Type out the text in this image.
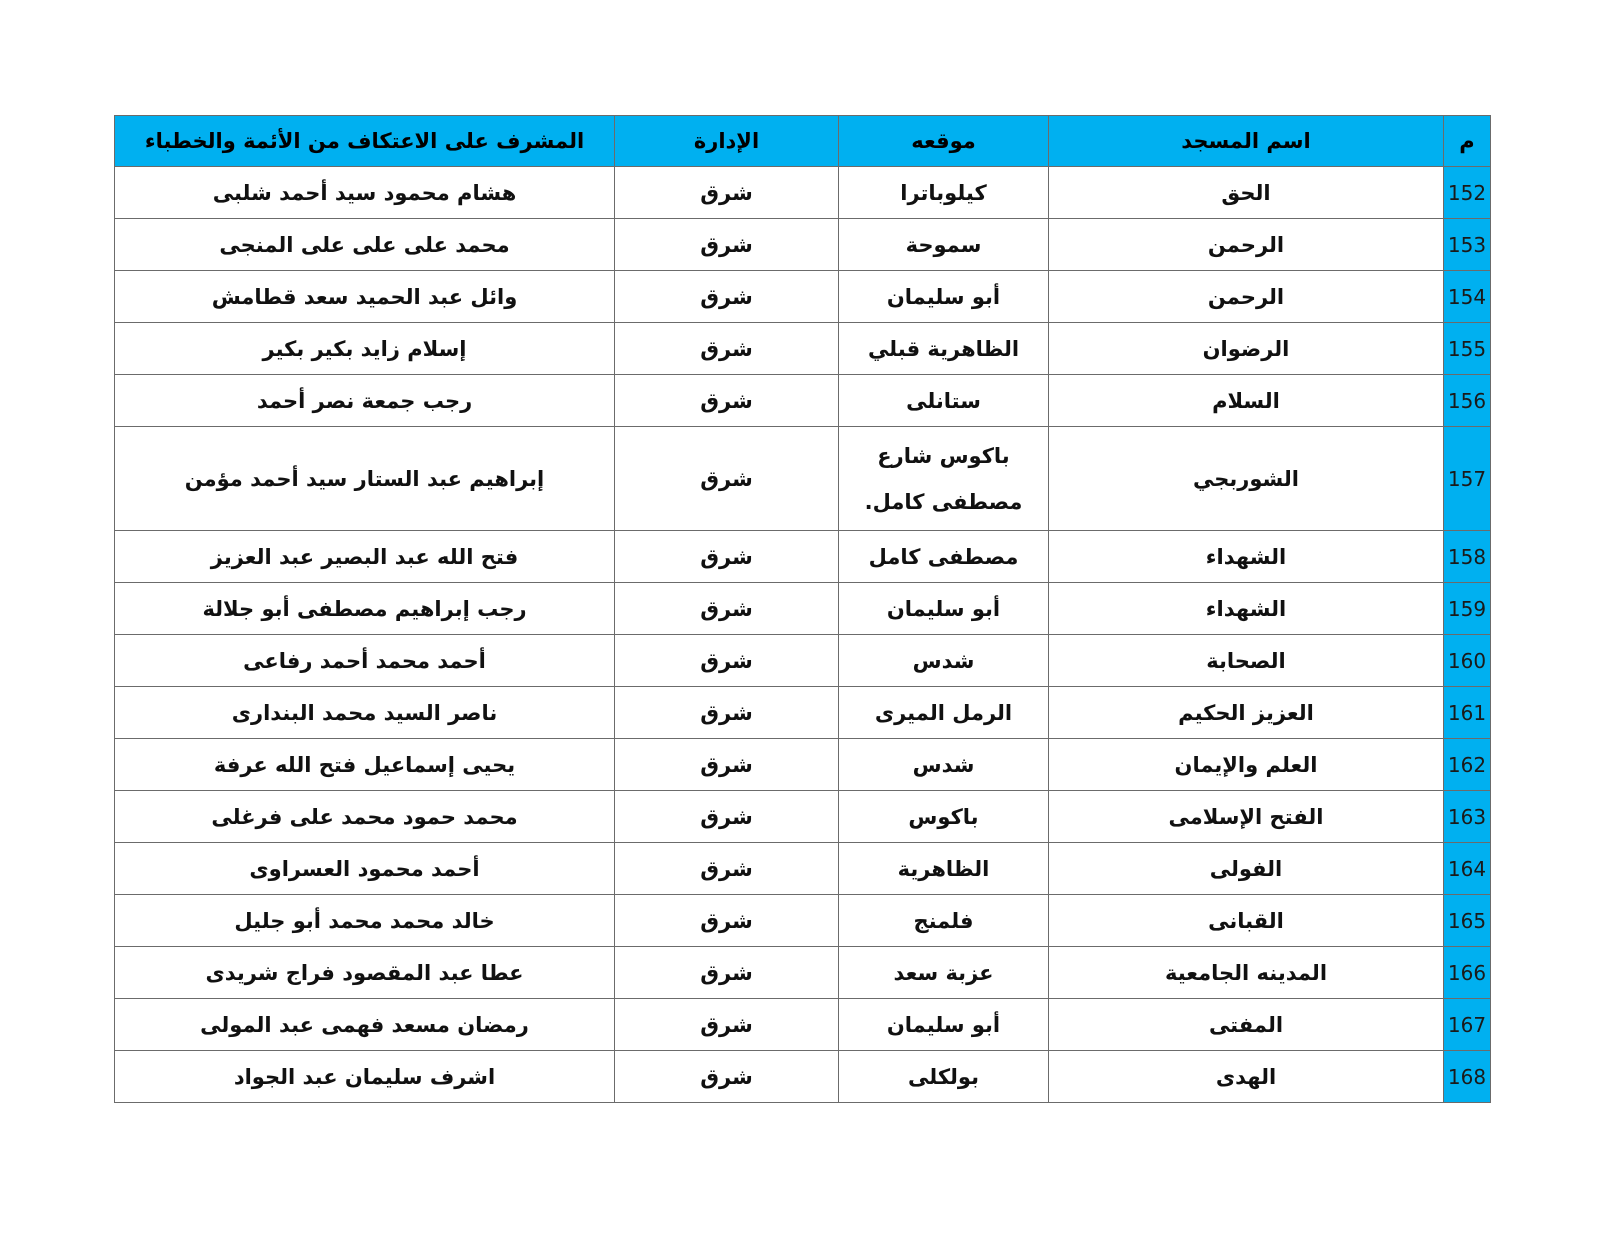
م	اسم المسجد	موقعه	الإدارة	المشرف على الاعتكاف من الأئمة والخطباء
152	الحق	كيلوباترا	شرق	هشام محمود سيد أحمد شلبى
153	الرحمن	سموحة	شرق	محمد على على على المنجى
154	الرحمن	أبو سليمان	شرق	وائل عبد الحميد سعد قطامش
155	الرضوان	الظاهرية قبلي	شرق	إسلام زايد بكير بكير
156	السلام	ستانلى	شرق	رجب جمعة نصر أحمد
157	الشوربجي	باكوس شارع مصطفى كامل.	شرق	إبراهيم عبد الستار سيد أحمد مؤمن
158	الشهداء	مصطفى كامل	شرق	فتح الله عبد البصير عبد العزيز
159	الشهداء	أبو سليمان	شرق	رجب إبراهيم مصطفى أبو جلالة
160	الصحابة	شدس	شرق	أحمد محمد أحمد رفاعى
161	العزيز الحكيم	الرمل الميرى	شرق	ناصر السيد محمد البندارى
162	العلم والإيمان	شدس	شرق	يحيى إسماعيل فتح الله عرفة
163	الفتح الإسلامى	باكوس	شرق	محمد حمود محمد على فرغلى
164	الفولى	الظاهرية	شرق	أحمد محمود العسراوى
165	القبانى	فلمنج	شرق	خالد محمد محمد أبو جليل
166	المدينه الجامعية	عزبة سعد	شرق	عطا عبد المقصود فراج شريدى
167	المفتى	أبو سليمان	شرق	رمضان مسعد فهمى عبد المولى
168	الهدى	بولكلى	شرق	اشرف سليمان عبد الجواد
